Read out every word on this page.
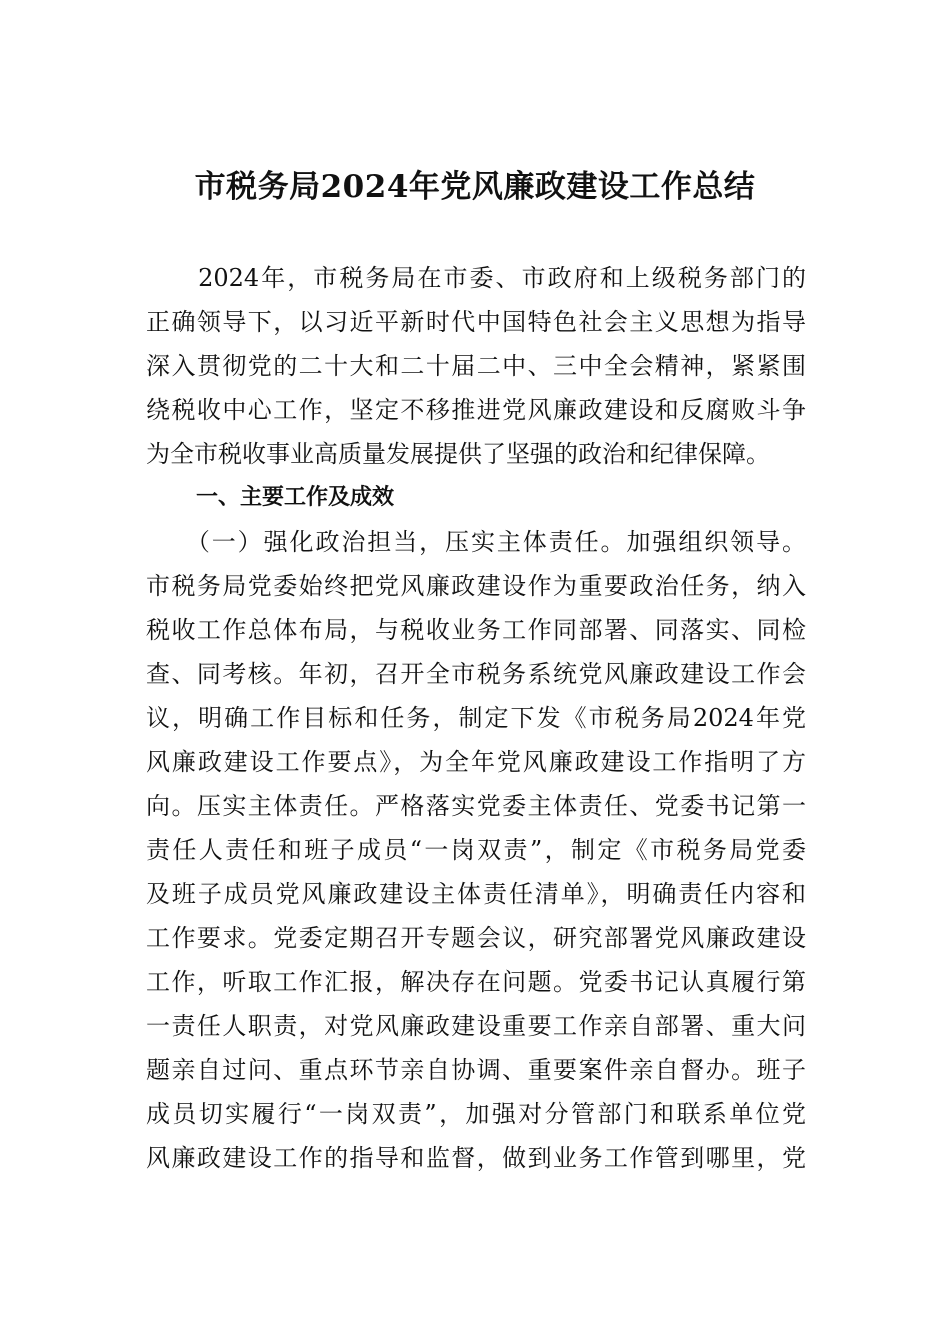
市税务局2024年党风廉政建设工作总结
　　2024年，市税务局在市委、市政府和上级税务部门的
正确领导下，以习近平新时代中国特色社会主义思想为指导
深入贯彻党的二十大和二十届二中、三中全会精神，紧紧围
绕税收中心工作，坚定不移推进党风廉政建设和反腐败斗争
为全市税收事业高质量发展提供了坚强的政治和纪律保障。
一、主要工作及成效
　　（一）强化政治担当，压实主体责任。加强组织领导。
市税务局党委始终把党风廉政建设作为重要政治任务，纳入
税收工作总体布局，与税收业务工作同部署、同落实、同检
查、同考核。年初，召开全市税务系统党风廉政建设工作会
议，明确工作目标和任务，制定下发《市税务局2024年党
风廉政建设工作要点》，为全年党风廉政建设工作指明了方
向。压实主体责任。严格落实党委主体责任、党委书记第一
责任人责任和班子成员“一岗双责”，制定《市税务局党委
及班子成员党风廉政建设主体责任清单》，明确责任内容和
工作要求。党委定期召开专题会议，研究部署党风廉政建设
工作，听取工作汇报，解决存在问题。党委书记认真履行第
一责任人职责，对党风廉政建设重要工作亲自部署、重大问
题亲自过问、重点环节亲自协调、重要案件亲自督办。班子
成员切实履行“一岗双责”，加强对分管部门和联系单位党
风廉政建设工作的指导和监督，做到业务工作管到哪里，党
